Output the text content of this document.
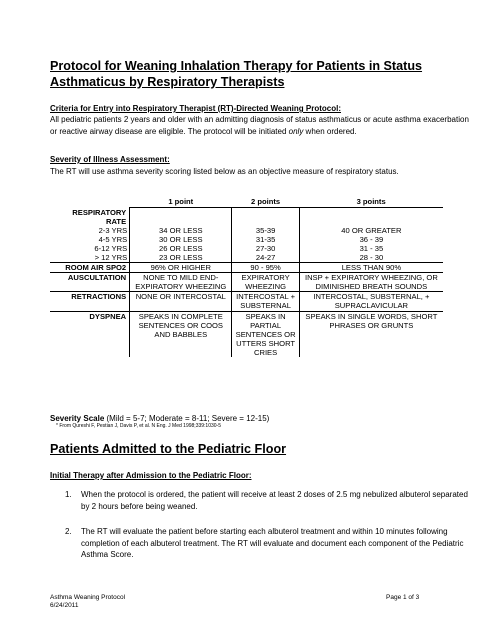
Protocol for Weaning Inhalation Therapy for Patients in Status Asthmaticus by Respiratory Therapists
Criteria for Entry into Respiratory Therapist (RT)-Directed Weaning Protocol:
All pediatric patients 2 years and older with an admitting diagnosis of status asthmaticus or acute asthma exacerbation or reactive airway disease are eligible. The protocol will be initiated only when ordered.
Severity of Illness Assessment:
The RT will use asthma severity scoring listed below as an objective measure of respiratory status.
	1 point	2 points	3 points
RESPIRATORY RATE			
2-3 YRS	34 OR LESS	35-39	40 OR GREATER
4-5 YRS	30 OR LESS	31-35	36 - 39
6-12 YRS	26 OR LESS	27-30	31 - 35
> 12 YRS	23 OR LESS	24-27	28 - 30
ROOM AIR SPO2	96% OR HIGHER	90 - 95%	LESS THAN 90%
AUSCULTATION	NONE TO MILD END-EXPIRATORY WHEEZING	EXPIRATORY WHEEZING	INSP + EXPIRATORY WHEEZING, OR DIMINISHED BREATH SOUNDS
RETRACTIONS	NONE OR INTERCOSTAL	INTERCOSTAL + SUBSTERNAL	INTERCOSTAL, SUBSTERNAL, + SUPRACLAVICULAR
DYSPNEA	SPEAKS IN COMPLETE SENTENCES OR COOS AND BABBLES	SPEAKS IN PARTIAL SENTENCES OR UTTERS SHORT CRIES	SPEAKS IN SINGLE WORDS, SHORT PHRASES OR GRUNTS
Severity Scale (Mild = 5-7; Moderate = 8-11; Severe = 12-15)
* From Qureshi F, Pestian J, Davis P, et al. N Eng. J Med 1998;339:1030-5
Patients Admitted to the Pediatric Floor
Initial Therapy after Admission to the Pediatric Floor:
1. When the protocol is ordered, the patient will receive at least 2 doses of 2.5 mg nebulized albuterol separated by 2 hours before being weaned.
2. The RT will evaluate the patient before starting each albuterol treatment and within 10 minutes following completion of each albuterol treatment. The RT will evaluate and document each component of the Pediatric Asthma Score.
Asthma Weaning Protocol
6/24/2011
Page 1 of 3
